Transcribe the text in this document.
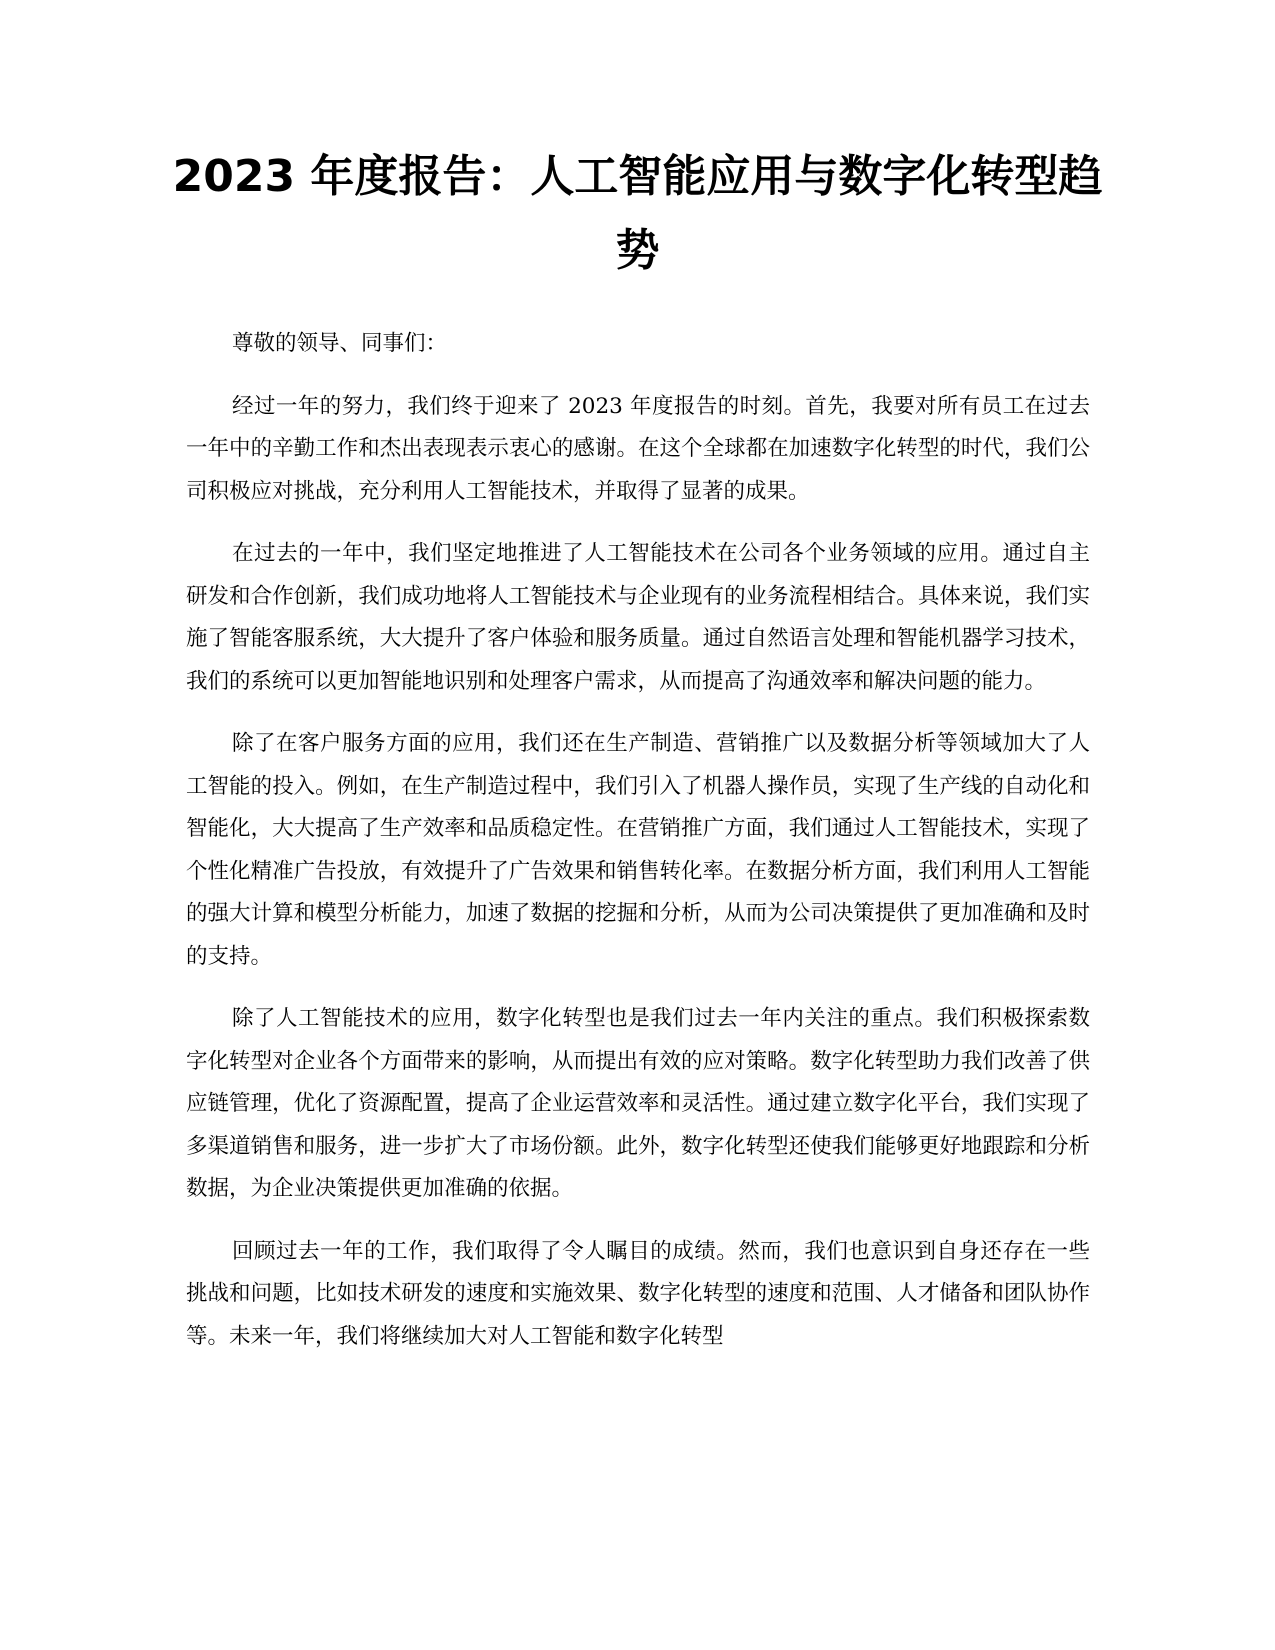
2023 年度报告：人工智能应用与数字化转型趋势

尊敬的领导、同事们：

经过一年的努力，我们终于迎来了 2023 年度报告的时刻。首先，我要对所有员工在过去一年中的辛勤工作和杰出表现表示衷心的感谢。在这个全球都在加速数字化转型的时代，我们公司积极应对挑战，充分利用人工智能技术，并取得了显著的成果。

在过去的一年中，我们坚定地推进了人工智能技术在公司各个业务领域的应用。通过自主研发和合作创新，我们成功地将人工智能技术与企业现有的业务流程相结合。具体来说，我们实施了智能客服系统，大大提升了客户体验和服务质量。通过自然语言处理和智能机器学习技术，我们的系统可以更加智能地识别和处理客户需求，从而提高了沟通效率和解决问题的能力。

除了在客户服务方面的应用，我们还在生产制造、营销推广以及数据分析等领域加大了人工智能的投入。例如，在生产制造过程中，我们引入了机器人操作员，实现了生产线的自动化和智能化，大大提高了生产效率和品质稳定性。在营销推广方面，我们通过人工智能技术，实现了个性化精准广告投放，有效提升了广告效果和销售转化率。在数据分析方面，我们利用人工智能的强大计算和模型分析能力，加速了数据的挖掘和分析，从而为公司决策提供了更加准确和及时的支持。

除了人工智能技术的应用，数字化转型也是我们过去一年内关注的重点。我们积极探索数字化转型对企业各个方面带来的影响，从而提出有效的应对策略。数字化转型助力我们改善了供应链管理，优化了资源配置，提高了企业运营效率和灵活性。通过建立数字化平台，我们实现了多渠道销售和服务，进一步扩大了市场份额。此外，数字化转型还使我们能够更好地跟踪和分析数据，为企业决策提供更加准确的依据。

回顾过去一年的工作，我们取得了令人瞩目的成绩。然而，我们也意识到自身还存在一些挑战和问题，比如技术研发的速度和实施效果、数字化转型的速度和范围、人才储备和团队协作等。未来一年，我们将继续加大对人工智能和数字化转型
